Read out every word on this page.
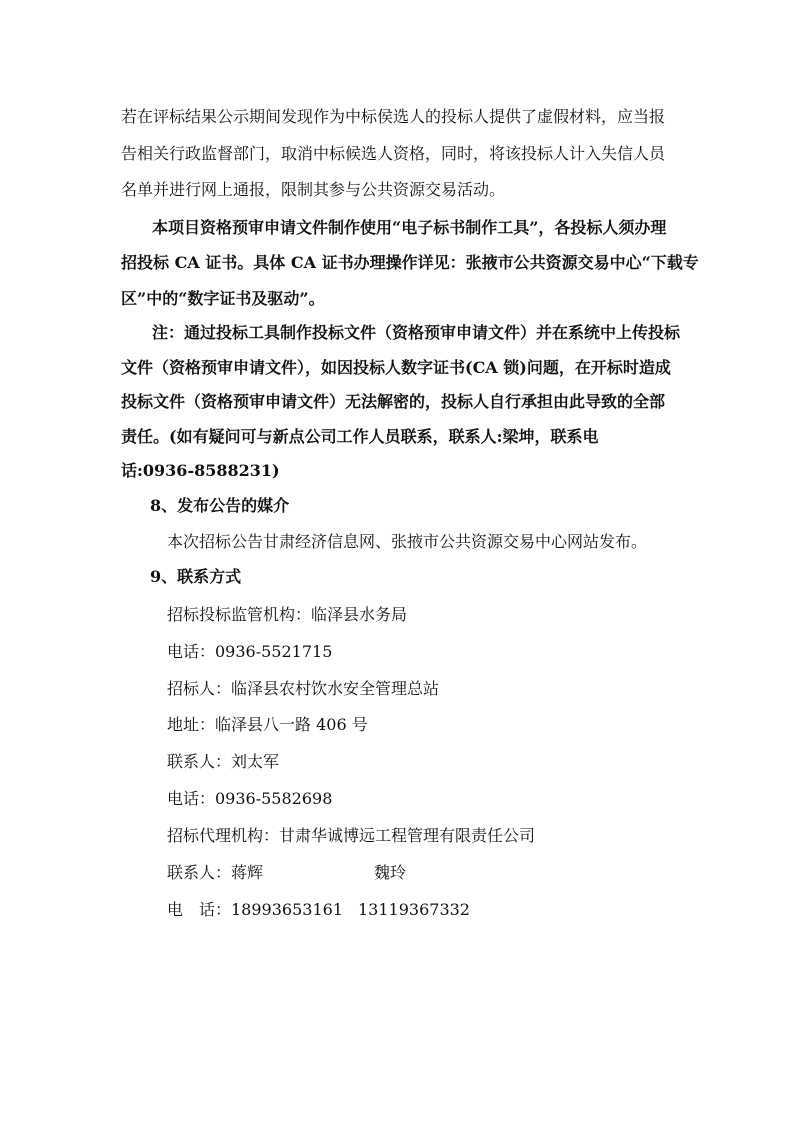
若在评标结果公示期间发现作为中标侯选人的投标人提供了虚假材料，应当报
告相关行政监督部门，取消中标候选人资格，同时，将该投标人计入失信人员
名单并进行网上通报，限制其参与公共资源交易活动。
本项目资格预审申请文件制作使用“电子标书制作工具”，各投标人须办理
招投标 CA 证书。具体 CA 证书办理操作详见：张掖市公共资源交易中心“下载专
区”中的“数字证书及驱动”。
注：通过投标工具制作投标文件（资格预审申请文件）并在系统中上传投标
文件（资格预审申请文件），如因投标人数字证书(CA 锁)问题，在开标时造成
投标文件（资格预审申请文件）无法解密的，投标人自行承担由此导致的全部
责任。(如有疑问可与新点公司工作人员联系，联系人:梁坤，联系电
话:0936-8588231)
8、发布公告的媒介
本次招标公告甘肃经济信息网、张掖市公共资源交易中心网站发布。
9、联系方式
招标投标监管机构：临泽县水务局
电话：0936-5521715
招标人：临泽县农村饮水安全管理总站
地址：临泽县八一路 406 号
联系人：刘太军
电话：0936-5582698
招标代理机构：甘肃华诚博远工程管理有限责任公司
联系人：蒋辉	魏玲
电　话：18993653161 13119367332
